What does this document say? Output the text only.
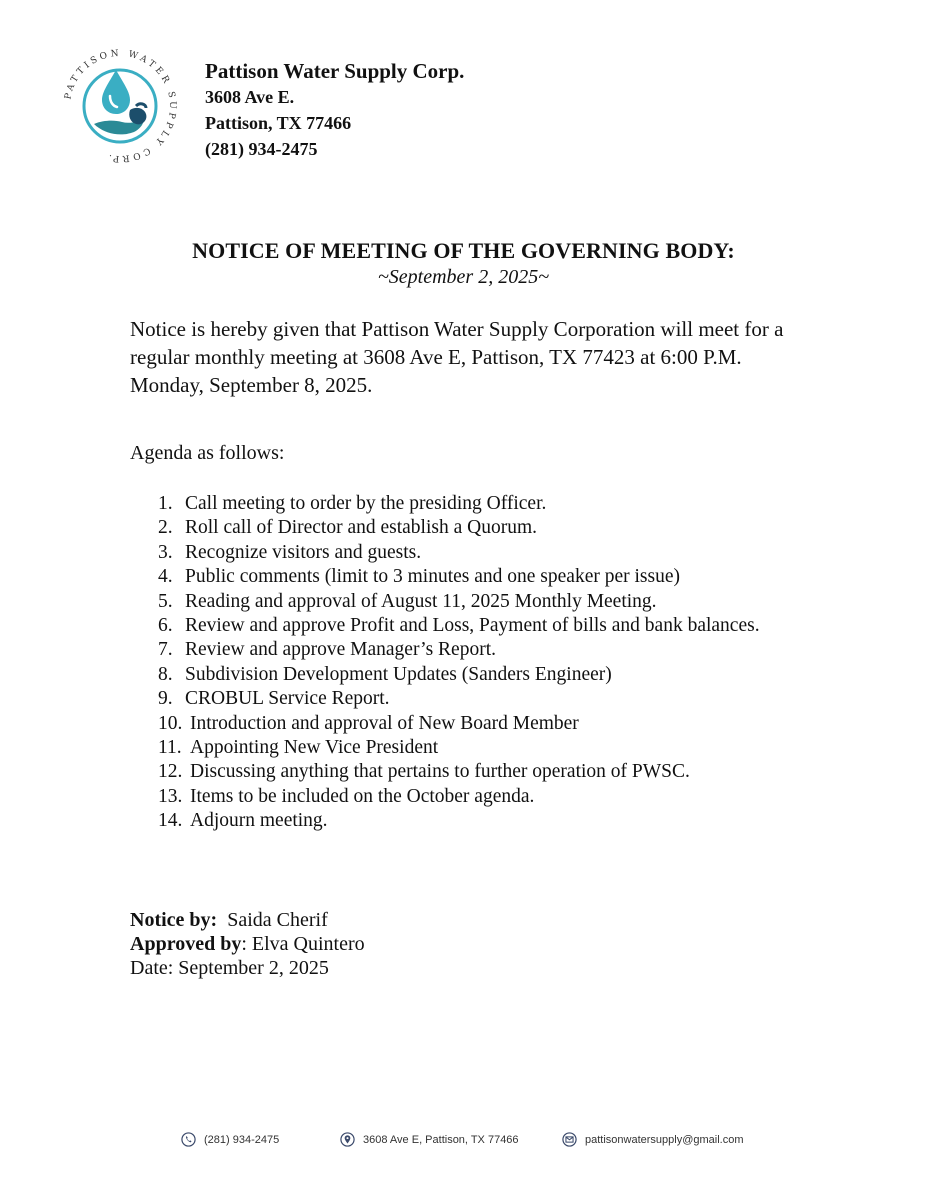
PATTISON WATER SUPPLY CORP.
Pattison Water Supply Corp.
3608 Ave E.
Pattison, TX 77466
(281) 934-2475
NOTICE OF MEETING OF THE GOVERNING BODY:
~September 2, 2025~
Notice is hereby given that Pattison Water Supply Corporation will meet for a regular monthly meeting at 3608 Ave E, Pattison, TX 77423 at 6:00 P.M. Monday, September 8, 2025.
Agenda as follows:
1. Call meeting to order by the presiding Officer.
2. Roll call of Director and establish a Quorum.
3. Recognize visitors and guests.
4. Public comments (limit to 3 minutes and one speaker per issue)
5. Reading and approval of August 11, 2025 Monthly Meeting.
6. Review and approve Profit and Loss, Payment of bills and bank balances.
7. Review and approve Manager’s Report.
8. Subdivision Development Updates (Sanders Engineer)
9. CROBUL Service Report.
10. Introduction and approval of New Board Member
11. Appointing New Vice President
12. Discussing anything that pertains to further operation of PWSC.
13. Items to be included on the October agenda.
14. Adjourn meeting.
Notice by: Saida Cherif
Approved by: Elva Quintero
Date: September 2, 2025
(281) 934-2475	3608 Ave E, Pattison, TX 77466	pattisonwatersupply@gmail.com
